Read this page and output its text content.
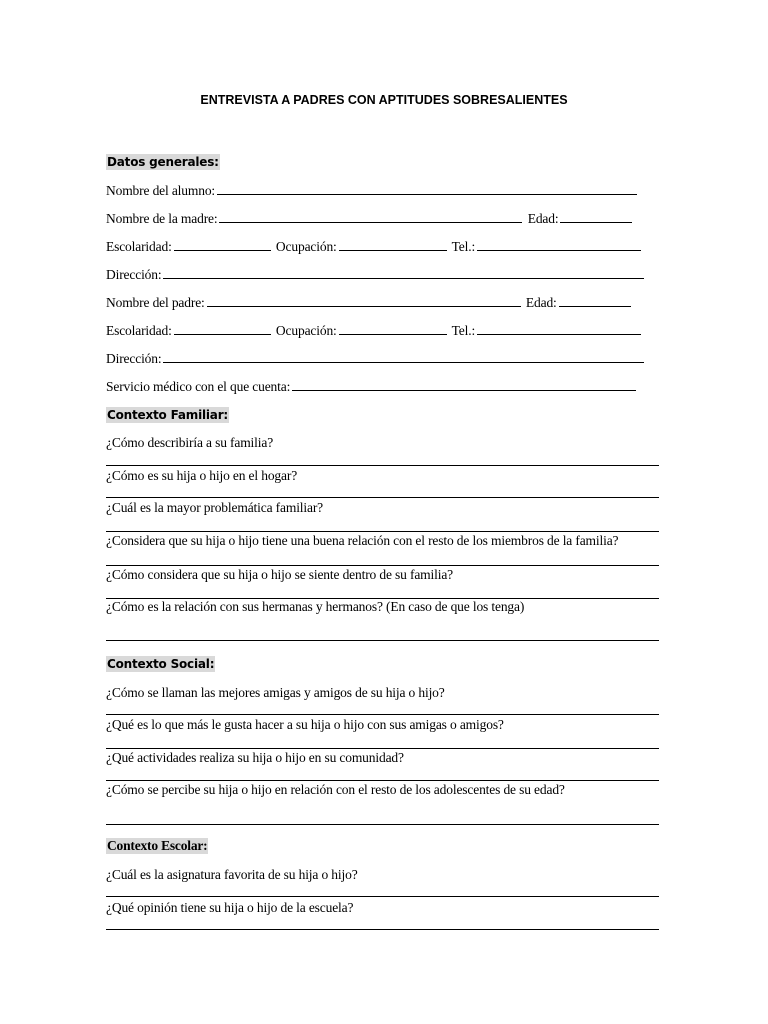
ENTREVISTA A PADRES CON APTITUDES SOBRESALIENTES
Datos generales:
Nombre del alumno:
Nombre de la madre:	Edad:
Escolaridad:	Ocupación:	Tel.:
Dirección:
Nombre del padre:	Edad:
Escolaridad:	Ocupación:	Tel.:
Dirección:
Servicio médico con el que cuenta:
Contexto Familiar:
¿Cómo describiría a su familia?
¿Cómo es su hija o hijo en el hogar?
¿Cuál es la mayor problemática familiar?
¿Considera que su hija o hijo tiene una buena relación con el resto de los miembros de la familia?
¿Cómo considera que su hija o hijo se siente dentro de su familia?
¿Cómo es la relación con sus hermanas y hermanos? (En caso de que los tenga)
Contexto Social:
¿Cómo se llaman las mejores amigas y amigos de su hija o hijo?
¿Qué es lo que más le gusta hacer a su hija o hijo con sus amigas o amigos?
¿Qué actividades realiza su hija o hijo en su comunidad?
¿Cómo se percibe su hija o hijo en relación con el resto de los adolescentes de su edad?
Contexto Escolar:
¿Cuál es la asignatura favorita de su hija o hijo?
¿Qué opinión tiene su hija o hijo de la escuela?
